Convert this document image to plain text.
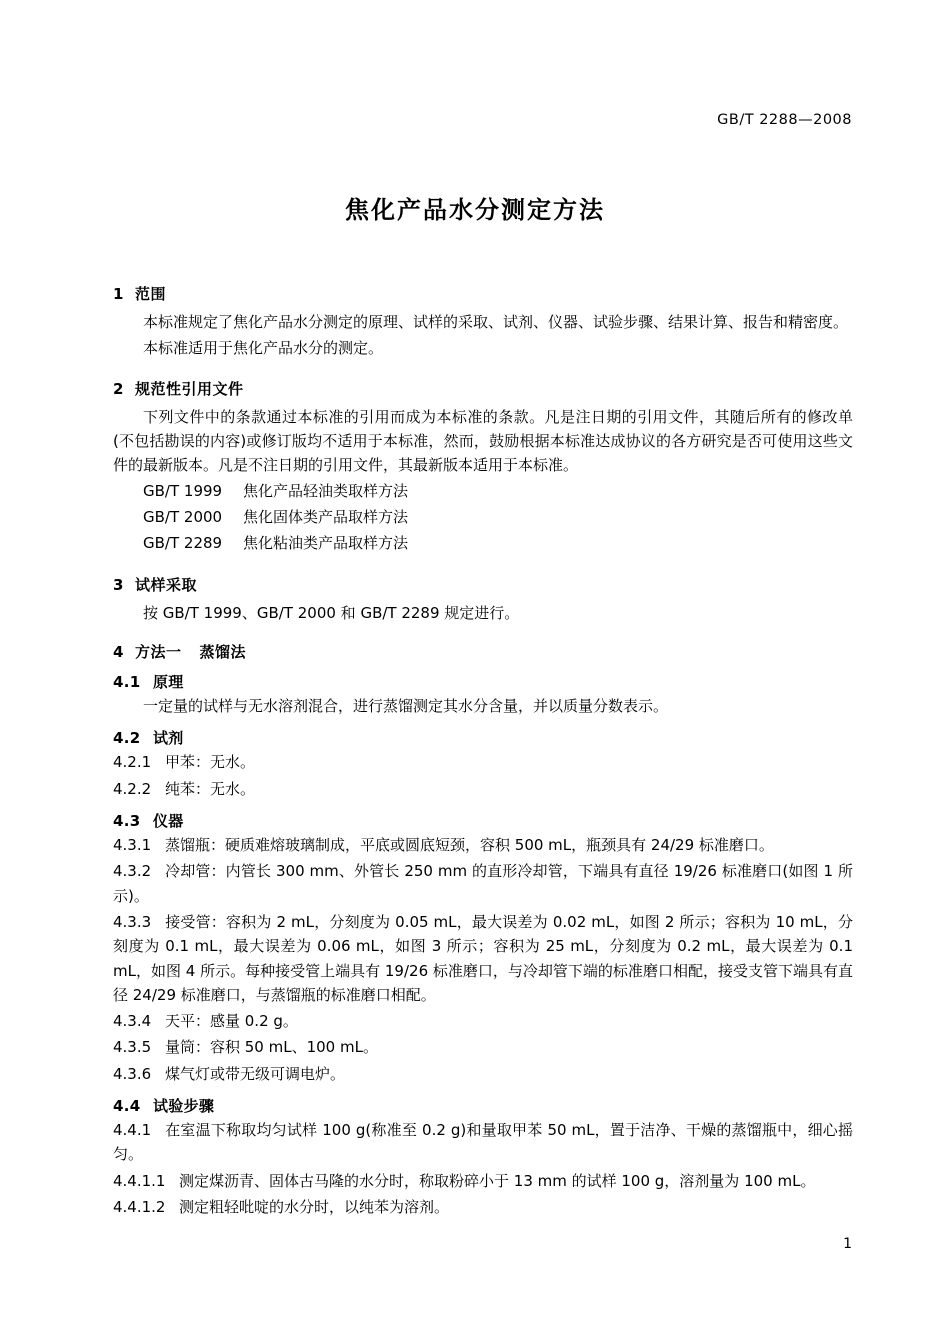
GB/T 2288—2008
焦化产品水分测定方法
1 范围

本标准规定了焦化产品水分测定的原理、试样的采取、试剂、仪器、试验步骤、结果计算、报告和精密度。

本标准适用于焦化产品水分的测定。

2 规范性引用文件

下列文件中的条款通过本标准的引用而成为本标准的条款。凡是注日期的引用文件，其随后所有的修改单(不包括勘误的内容)或修订版均不适用于本标准，然而，鼓励根据本标准达成协议的各方研究是否可使用这些文件的最新版本。凡是不注日期的引用文件，其最新版本适用于本标准。

GB/T 1999 焦化产品轻油类取样方法

GB/T 2000 焦化固体类产品取样方法

GB/T 2289 焦化粘油类产品取样方法

3 试样采取

按 GB/T 1999、GB/T 2000 和 GB/T 2289 规定进行。

4 方法一 蒸馏法
4.1 原理

一定量的试样与无水溶剂混合，进行蒸馏测定其水分含量，并以质量分数表示。

4.2 试剂

4.2.1 甲苯：无水。

4.2.2 纯苯：无水。

4.3 仪器

4.3.1 蒸馏瓶：硬质难熔玻璃制成，平底或圆底短颈，容积 500 mL，瓶颈具有 24/29 标准磨口。

4.3.2 冷却管：内管长 300 mm、外管长 250 mm 的直形冷却管，下端具有直径 19/26 标准磨口(如图 1 所示)。

4.3.3 接受管：容积为 2 mL，分刻度为 0.05 mL，最大误差为 0.02 mL，如图 2 所示；容积为 10 mL，分刻度为 0.1 mL，最大误差为 0.06 mL，如图 3 所示；容积为 25 mL，分刻度为 0.2 mL，最大误差为 0.1 mL，如图 4 所示。每种接受管上端具有 19/26 标准磨口，与冷却管下端的标准磨口相配，接受支管下端具有直径 24/29 标准磨口，与蒸馏瓶的标准磨口相配。

4.3.4 天平：感量 0.2 g。

4.3.5 量筒：容积 50 mL、100 mL。

4.3.6 煤气灯或带无级可调电炉。

4.4 试验步骤

4.4.1 在室温下称取均匀试样 100 g(称准至 0.2 g)和量取甲苯 50 mL，置于洁净、干燥的蒸馏瓶中，细心摇匀。

4.4.1.1 测定煤沥青、固体古马隆的水分时，称取粉碎小于 13 mm 的试样 100 g，溶剂量为 100 mL。

4.4.1.2 测定粗轻吡啶的水分时，以纯苯为溶剂。

1
